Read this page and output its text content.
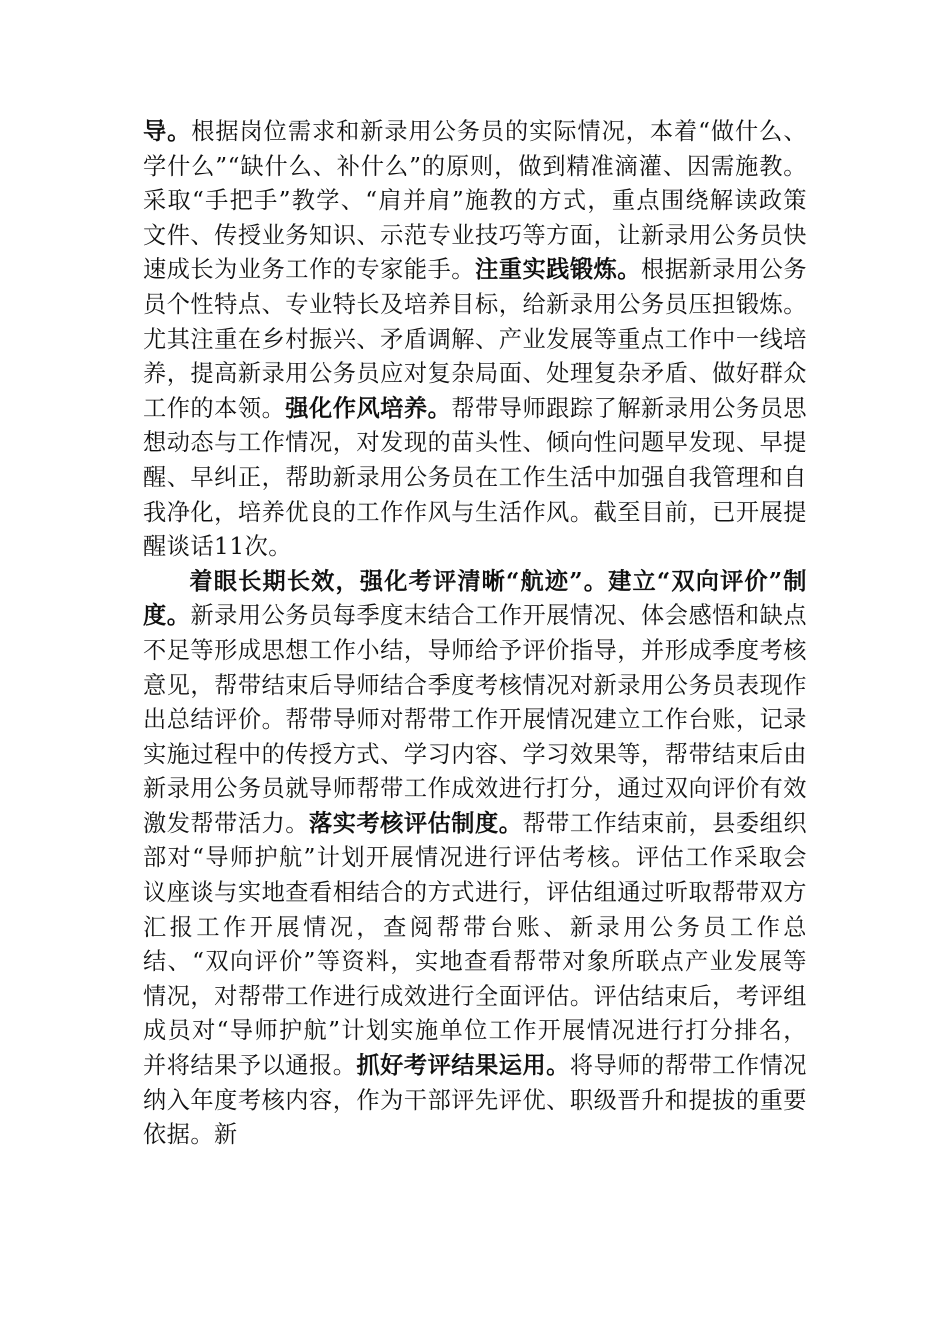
导。根据岗位需求和新录用公务员的实际情况，本着“做什么、学什么”“缺什么、补什么”的原则，做到精准滴灌、因需施教。采取“手把手”教学、“肩并肩”施教的方式，重点围绕解读政策文件、传授业务知识、示范专业技巧等方面，让新录用公务员快速成长为业务工作的专家能手。注重实践锻炼。根据新录用公务员个性特点、专业特长及培养目标，给新录用公务员压担锻炼。尤其注重在乡村振兴、矛盾调解、产业发展等重点工作中一线培养，提高新录用公务员应对复杂局面、处理复杂矛盾、做好群众工作的本领。强化作风培养。帮带导师跟踪了解新录用公务员思想动态与工作情况，对发现的苗头性、倾向性问题早发现、早提醒、早纠正，帮助新录用公务员在工作生活中加强自我管理和自我净化，培养优良的工作作风与生活作风。截至目前，已开展提醒谈话11次。

着眼长期长效，强化考评清晰“航迹”。建立“双向评价”制度。新录用公务员每季度末结合工作开展情况、体会感悟和缺点不足等形成思想工作小结，导师给予评价指导，并形成季度考核意见，帮带结束后导师结合季度考核情况对新录用公务员表现作出总结评价。帮带导师对帮带工作开展情况建立工作台账，记录实施过程中的传授方式、学习内容、学习效果等，帮带结束后由新录用公务员就导师帮带工作成效进行打分，通过双向评价有效激发帮带活力。落实考核评估制度。帮带工作结束前，县委组织部对“导师护航”计划开展情况进行评估考核。评估工作采取会议座谈与实地查看相结合的方式进行，评估组通过听取帮带双方汇报工作开展情况，查阅帮带台账、新录用公务员工作总结、“双向评价”等资料，实地查看帮带对象所联点产业发展等情况，对帮带工作进行成效进行全面评估。评估结束后，考评组成员对“导师护航”计划实施单位工作开展情况进行打分排名，并将结果予以通报。抓好考评结果运用。将导师的帮带工作情况纳入年度考核内容，作为干部评先评优、职级晋升和提拔的重要依据。新
